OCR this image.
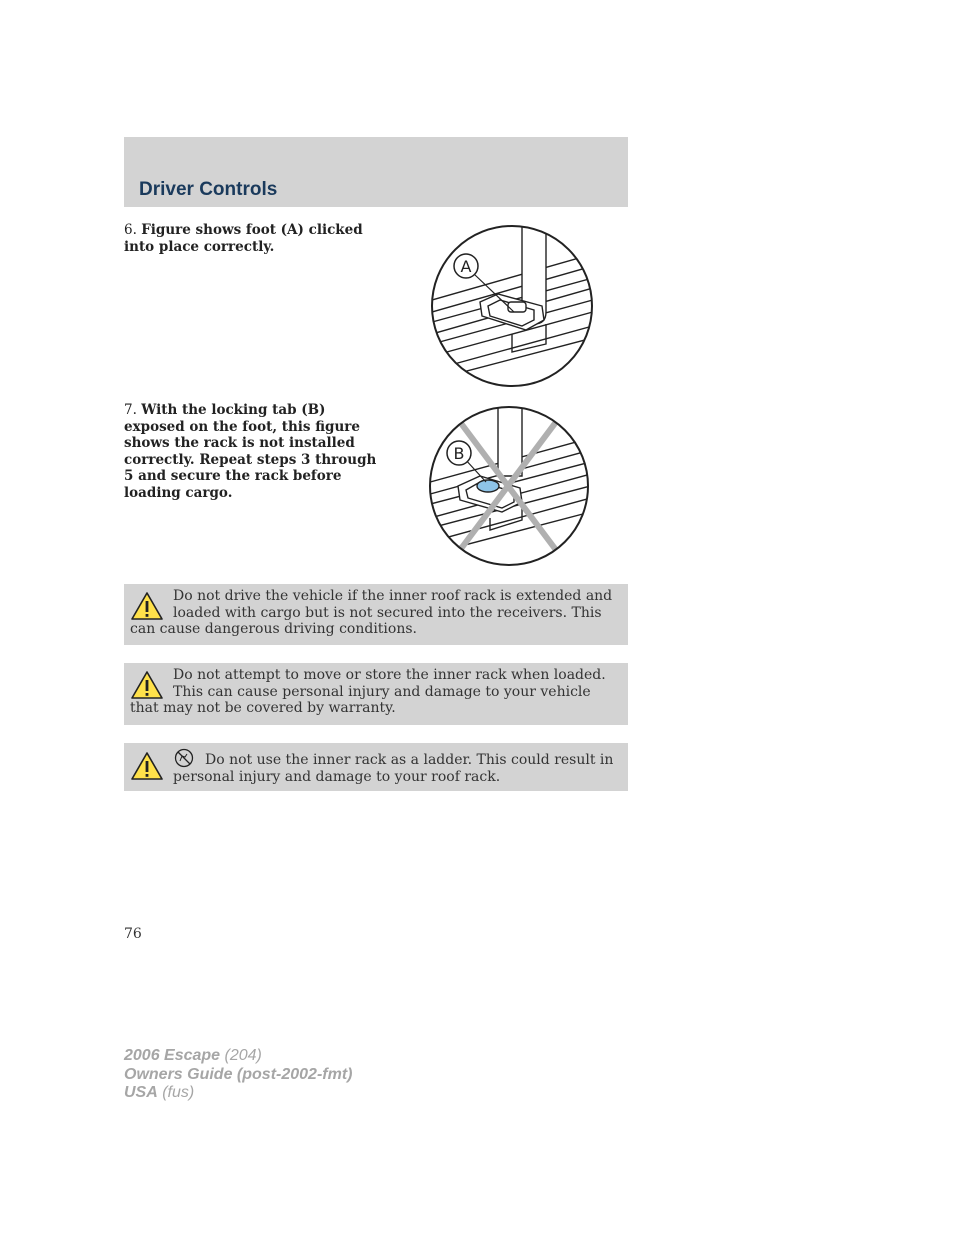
Driver Controls
6. Figure shows foot (A) clicked into place correctly.
A
7. With the locking tab (B) exposed on the foot, this figure shows the rack is not installed correctly. Repeat steps 3 through 5 and secure the rack before loading cargo.
B
Do not drive the vehicle if the inner roof rack is extended and loaded with cargo but is not secured into the receivers. This can cause dangerous driving conditions.
Do not attempt to move or store the inner rack when loaded. This can cause personal injury and damage to your vehicle that may not be covered by warranty.
Do not use the inner rack as a ladder. This could result in personal injury and damage to your roof rack.
76
2006 Escape (204)
Owners Guide (post-2002-fmt)
USA (fus)
